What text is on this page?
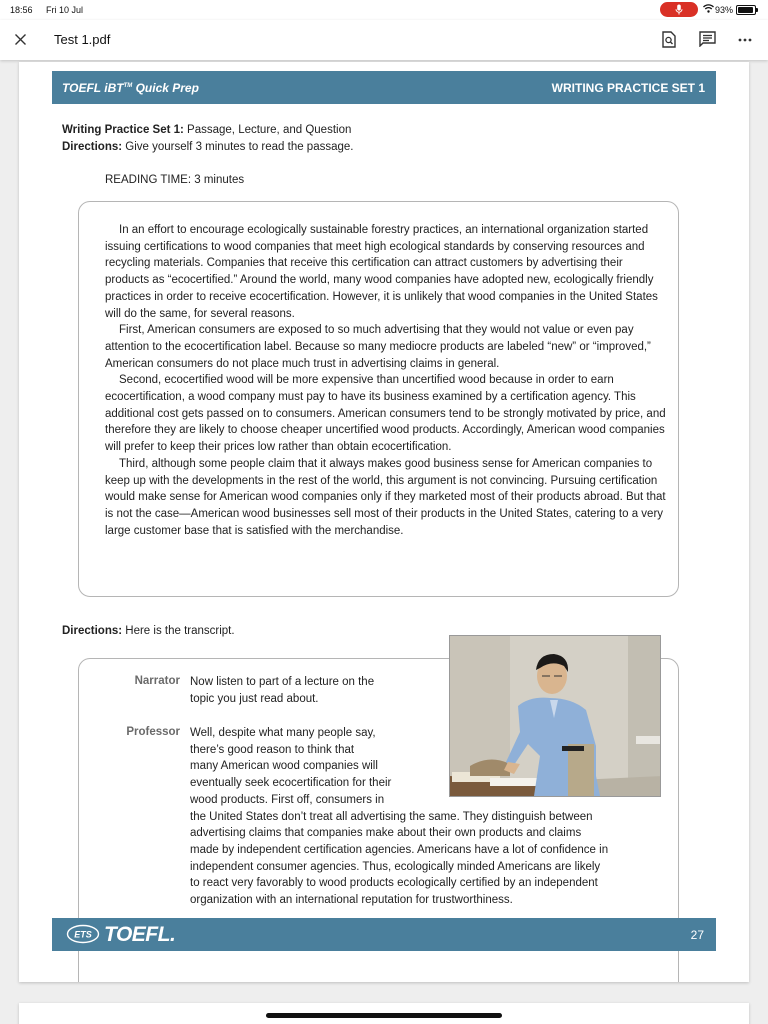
18:56 Fri 10 Jul	93%
Test 1.pdf
TOEFL iBT™ Quick Prep	WRITING PRACTICE SET 1
Writing Practice Set 1: Passage, Lecture, and Question
Directions: Give yourself 3 minutes to read the passage.
READING TIME: 3 minutes

In an effort to encourage ecologically sustainable forestry practices, an international organization started issuing certifications to wood companies that meet high ecological standards by conserving resources and recycling materials. Companies that receive this certification can attract customers by advertising their products as “ecocertified.” Around the world, many wood companies have adopted new, ecologically friendly practices in order to receive ecocertification. However, it is unlikely that wood companies in the United States will do the same, for several reasons.

First, American consumers are exposed to so much advertising that they would not value or even pay attention to the ecocertification label. Because so many mediocre products are labeled “new” or “improved,” American consumers do not place much trust in advertising claims in general.

Second, ecocertified wood will be more expensive than uncertified wood because in order to earn ecocertification, a wood company must pay to have its business examined by a certification agency. This additional cost gets passed on to consumers. American consumers tend to be strongly motivated by price, and therefore they are likely to choose cheaper uncertified wood products. Accordingly, American wood companies will prefer to keep their prices low rather than obtain ecocertification.

Third, although some people claim that it always makes good business sense for American companies to keep up with the developments in the rest of the world, this argument is not convincing. Pursuing certification would make sense for American wood companies only if they marketed most of their products abroad. But that is not the case—American wood businesses sell most of their products in the United States, catering to a very large customer base that is satisfied with the merchandise.

Directions: Here is the transcript.
Narrator Now listen to part of a lecture on the
topic you just read about.
Professor Well, despite what many people say,
there’s good reason to think that
many American wood companies will
eventually seek ecocertification for their
wood products. First off, consumers in
the United States don’t treat all advertising the same. They distinguish between
advertising claims that companies make about their own products and claims
made by independent certification agencies. Americans have a lot of confidence in
independent consumer agencies. Thus, ecologically minded Americans are likely
to react very favorably to wood products ecologically certified by an independent
organization with an international reputation for trustworthiness.
ETS TOEFL.	27
